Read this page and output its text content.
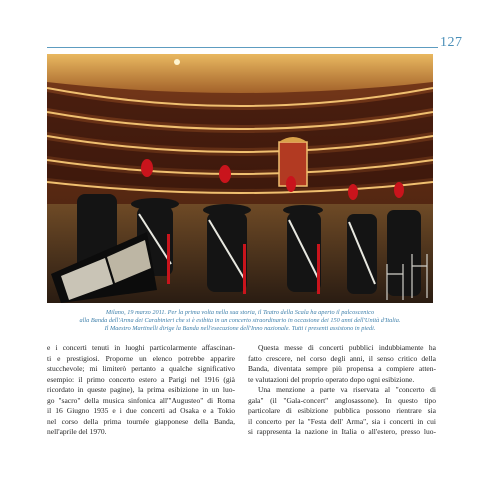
127
Milano, 19 marzo 2011. Per la prima volta nella sua storia, il Teatro della Scala ha aperto il palcoscenico
alla Banda dell'Arma dei Carabinieri che si è esibita in un concerto straordinario in occasione dei 150 anni dell'Unità d'Italia.
Il Maestro Martinelli dirige la Banda nell'esecuzione dell'Inno nazionale. Tutti i presenti assistono in piedi.
e i concerti tenuti in luoghi particolarmente affascinan-
ti e prestigiosi. Proporne un elenco potrebbe apparire
stucchevole; mi limiterò pertanto a qualche significativo
esempio: il primo concerto estero a Parigi nel 1916 (già
ricordato in queste pagine), la prima esibizione in un luo-
go "sacro" della musica sinfonica all'"Augusteo" di Roma
il 16 Giugno 1935 e i due concerti ad Osaka e a Tokio
nel corso della prima tournée giapponese della Banda,
nell'aprile del 1970.
Questa messe di concerti pubblici indubbiamente ha
fatto crescere, nel corso degli anni, il senso critico della
Banda, diventata sempre più propensa a compiere atten-
te valutazioni del proprio operato dopo ogni esibizione.
Una menzione a parte va riservata al "concerto di
gala" (il "Gala-concert" anglosassone). In questo tipo
particolare di esibizione pubblica possono rientrare sia
il concerto per la "Festa dell' Arma", sia i concerti in cui
si rappresenta la nazione in Italia o all'estero, presso luo-
